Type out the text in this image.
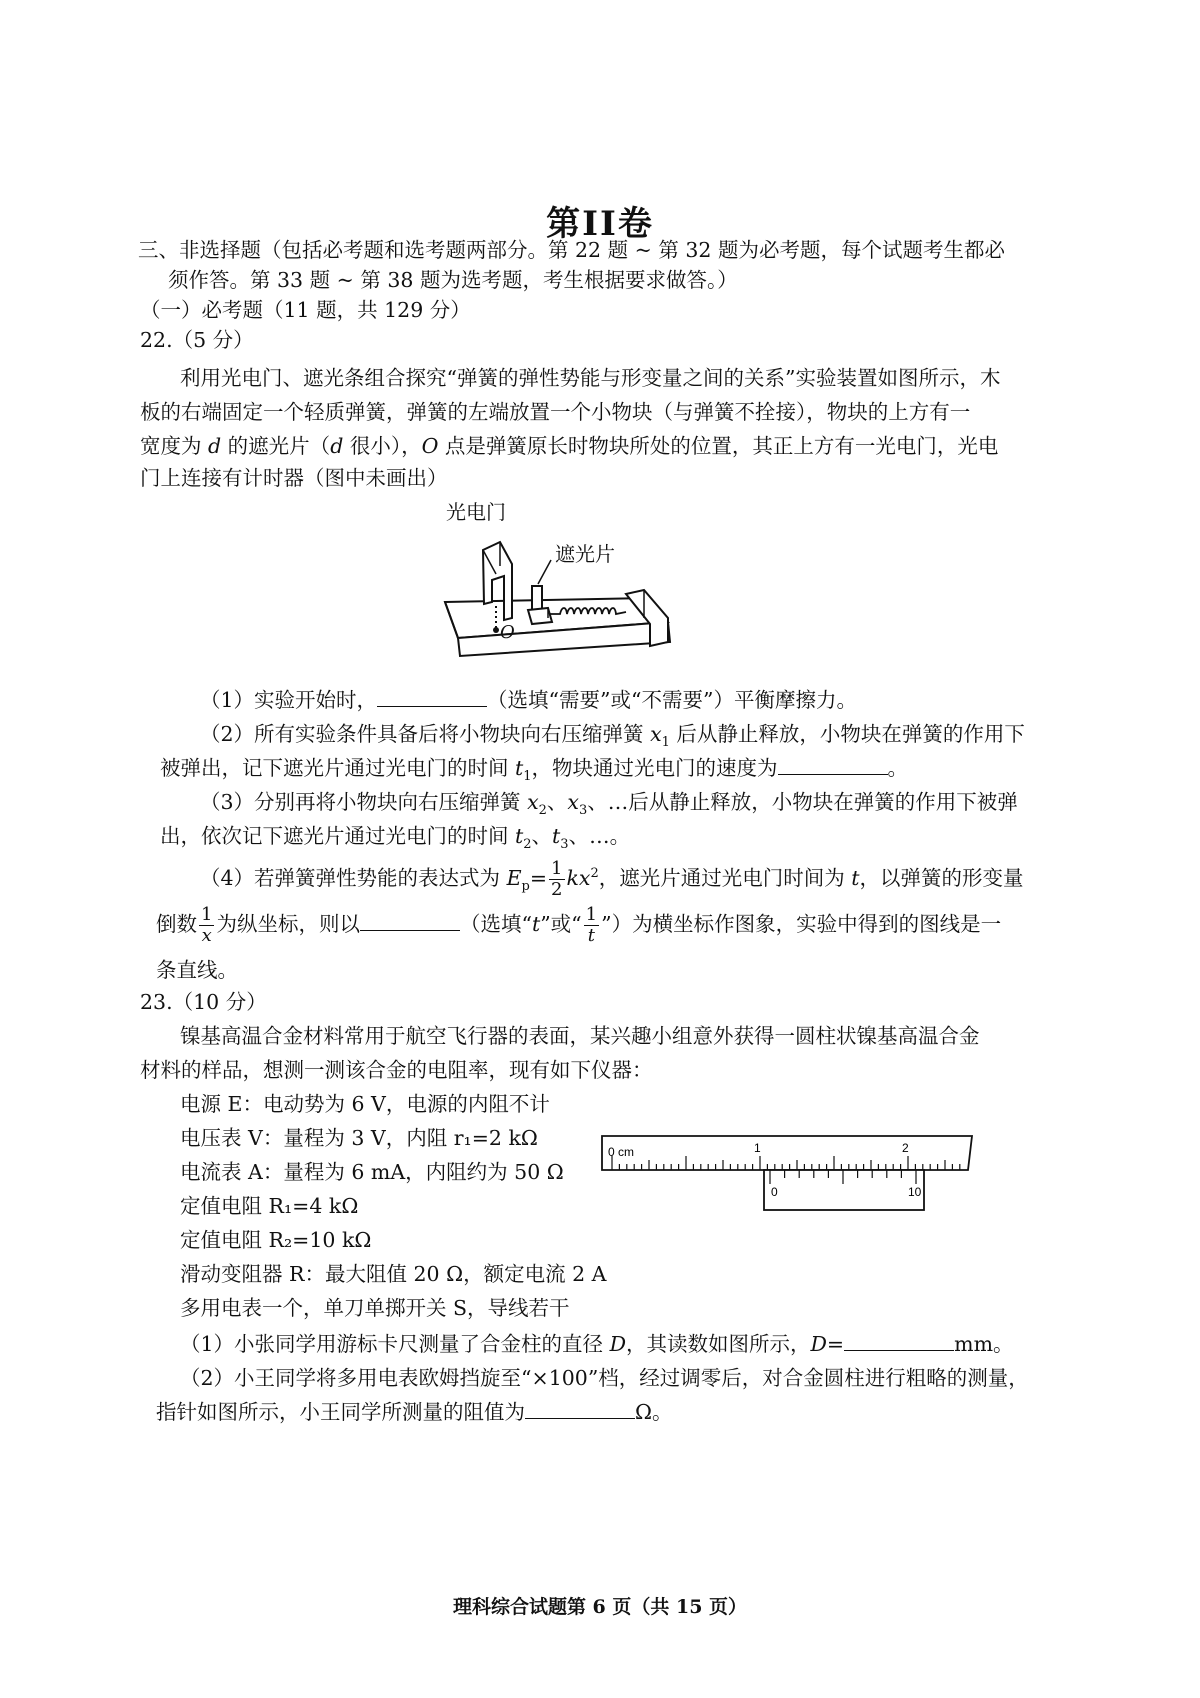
第II卷
三、非选择题（包括必考题和选考题两部分。第 22 题 ~ 第 32 题为必考题，每个试题考生都必
须作答。第 33 题 ~ 第 38 题为选考题，考生根据要求做答。）
（一）必考题（11 题，共 129 分）
22.（5 分）
利用光电门、遮光条组合探究“弹簧的弹性势能与形变量之间的关系”实验装置如图所示，木
板的右端固定一个轻质弹簧，弹簧的左端放置一个小物块（与弹簧不拴接），物块的上方有一
宽度为 d 的遮光片（d 很小），O 点是弹簧原长时物块所处的位置，其正上方有一光电门，光电
门上连接有计时器（图中未画出）
光电门
遮光片
O
（1）实验开始时，	（选填“需要”或“不需要”）平衡摩擦力。
（2）所有实验条件具备后将小物块向右压缩弹簧 $x_1$ 后从静止释放，小物块在弹簧的作用下
被弹出，记下遮光片通过光电门的时间 $t_1$，物块通过光电门的速度为	。
（3）分别再将小物块向右压缩弹簧 $x_2$、$x_3$、…后从静止释放，小物块在弹簧的作用下被弹
出，依次记下遮光片通过光电门的时间 $t_2$、$t_3$、…。
（4）若弹簧弹性势能的表达式为 $E_p= \frac{1}{2} kx^2$，遮光片通过光电门时间为 t，以弹簧的形变量
倒数 $\frac{1}{x}$ 为纵坐标，则以	（选填“t”或“ $\frac{1}{t}$ ”）为横坐标作图象，实验中得到的图线是一
条直线。
23.（10 分）
镍基高温合金材料常用于航空飞行器的表面，某兴趣小组意外获得一圆柱状镍基高温合金
材料的样品，想测一测该合金的电阻率，现有如下仪器：
电源 E：电动势为 6 V，电源的内阻不计
电压表 V：量程为 3 V，内阻 r₁=2 kΩ
电流表 A：量程为 6 mA，内阻约为 50 Ω
定值电阻 R₁=4 kΩ
定值电阻 R₂=10 kΩ
滑动变阻器 R：最大阻值 20 Ω，额定电流 2 A
多用电表一个，单刀单掷开关 S，导线若干
0 cm	1	2
0	10
（1）小张同学用游标卡尺测量了合金柱的直径 D，其读数如图所示，D=	mm。
（2）小王同学将多用电表欧姆挡旋至“×100”档，经过调零后，对合金圆柱进行粗略的测量，
指针如图所示，小王同学所测量的阻值为	Ω。
理科综合试题第 6 页（共 15 页）
